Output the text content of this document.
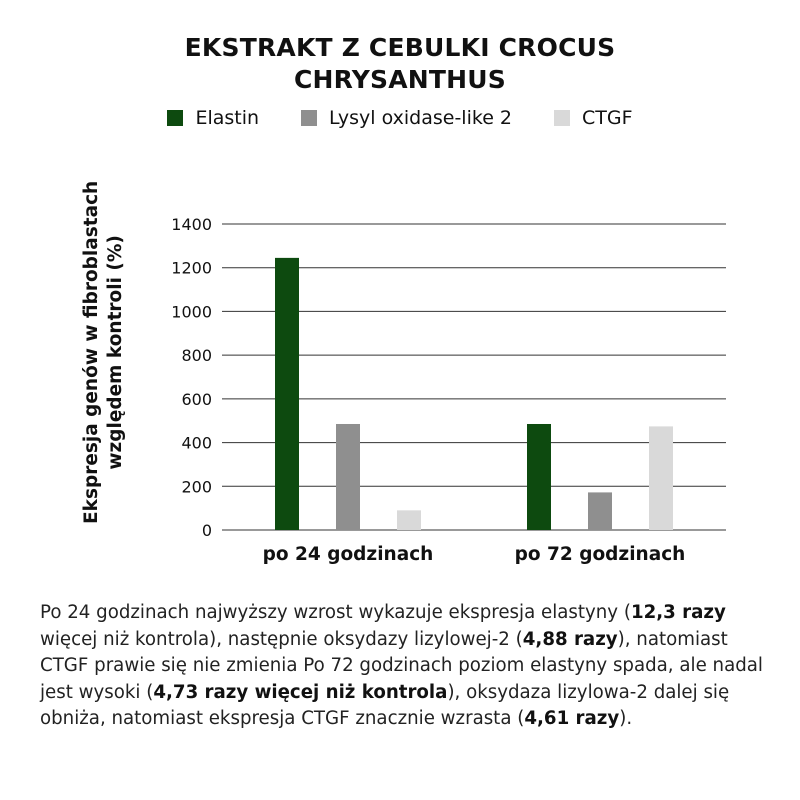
EKSTRAKT Z CEBULKI CROCUS
CHRYSANTHUS
Elastin	Lysyl oxidase-like 2	CTGF
Ekspresja genów w fibroblastach względem kontroli (%)
0
200
400
600
800
1000
1200
1400
po 24 godzinach	po 72 godzinach
Po 24 godzinach najwyższy wzrost wykazuje ekspresja elastyny (12,3 razy więcej niż kontrola), następnie oksydazy lizylowej-2 (4,88 razy), natomiast CTGF prawie się nie zmienia Po 72 godzinach poziom elastyny spada, ale nadal jest wysoki (4,73 razy więcej niż kontrola), oksydaza lizylowa-2 dalej się obniża, natomiast ekspresja CTGF znacznie wzrasta (4,61 razy).
